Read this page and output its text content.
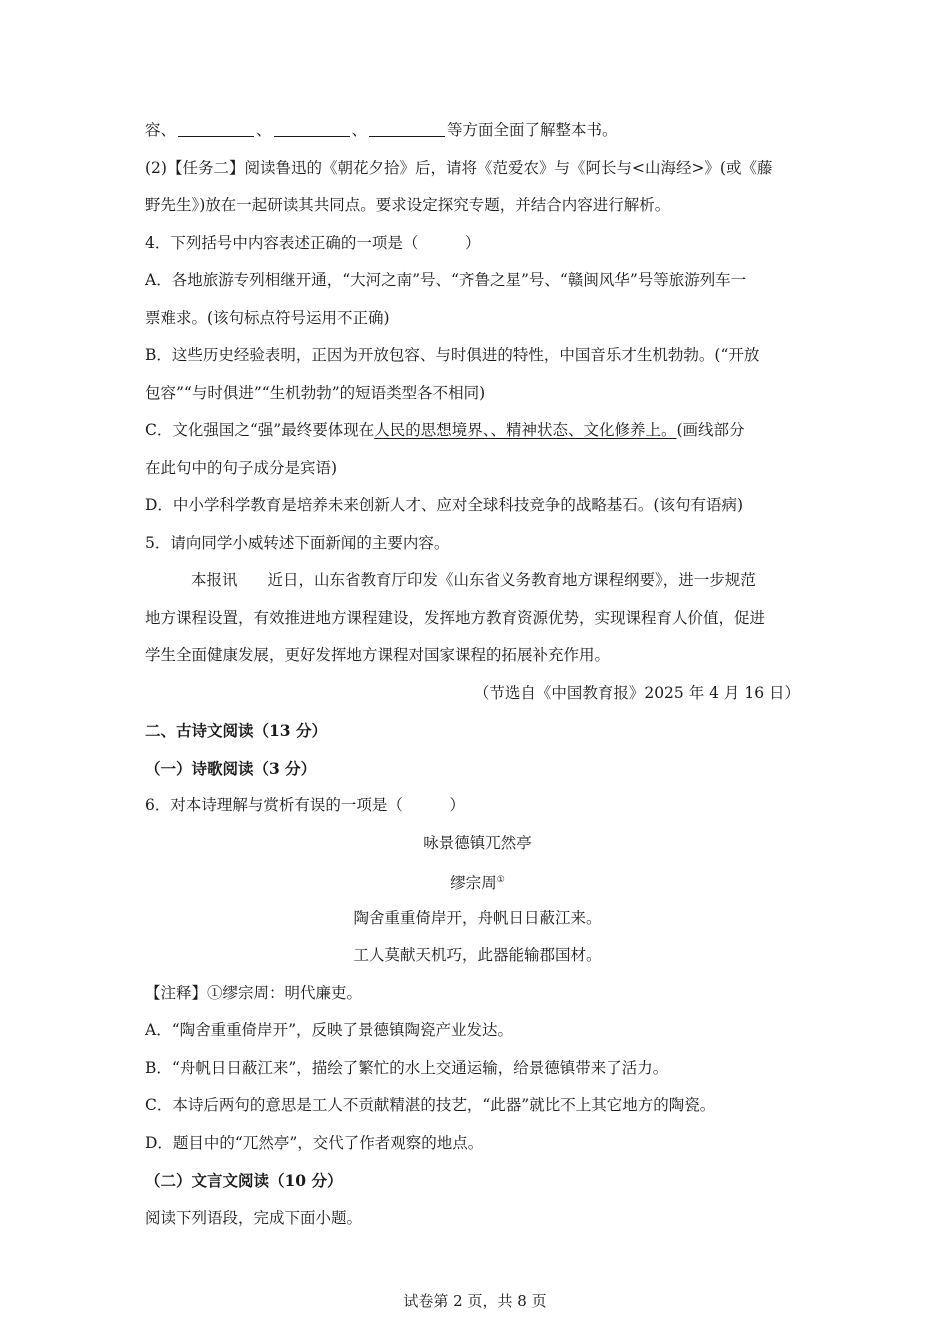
容、	、	、	等方面全面了解整本书。
(2)【任务二】阅读鲁迅的《朝花夕拾》后，请将《范爱农》与《阿长与<山海经>》(或《藤
野先生》)放在一起研读其共同点。要求设定探究专题，并结合内容进行解析。
4．下列括号中内容表述正确的一项是（　　　）
A．各地旅游专列相继开通，“大河之南”号、“齐鲁之星”号、“赣闽风华”号等旅游列车一
票难求。(该句标点符号运用不正确)
B．这些历史经验表明，正因为开放包容、与时俱进的特性，中国音乐才生机勃勃。(“开放
包容”“与时俱进”“生机勃勃”的短语类型各不相同)
C．文化强国之“强”最终要体现在人民的思想境界、、精神状态、文化修养上。(画线部分
在此句中的句子成分是宾语)
D．中小学科学教育是培养未来创新人才、应对全球科技竞争的战略基石。(该句有语病)
5．请向同学小威转述下面新闻的主要内容。
本报讯 近日，山东省教育厅印发《山东省义务教育地方课程纲要》，进一步规范
地方课程设置，有效推进地方课程建设，发挥地方教育资源优势，实现课程育人价值，促进
学生全面健康发展，更好发挥地方课程对国家课程的拓展补充作用。
（节选自《中国教育报》2025 年 4 月 16 日）
二、古诗文阅读（13 分）
（一）诗歌阅读（3 分）
6．对本诗理解与赏析有误的一项是（　　　）
咏景德镇兀然亭
缪宗周①
陶舍重重倚岸开，舟帆日日蔽江来。
工人莫献天机巧，此器能输郡国材。
【注释】①缪宗周：明代廉吏。
A．“陶舍重重倚岸开”，反映了景德镇陶瓷产业发达。
B．“舟帆日日蔽江来”，描绘了繁忙的水上交通运输，给景德镇带来了活力。
C．本诗后两句的意思是工人不贡献精湛的技艺，“此器”就比不上其它地方的陶瓷。
D．题目中的“兀然亭”，交代了作者观察的地点。
（二）文言文阅读（10 分）
阅读下列语段，完成下面小题。
试卷第 2 页，共 8 页
